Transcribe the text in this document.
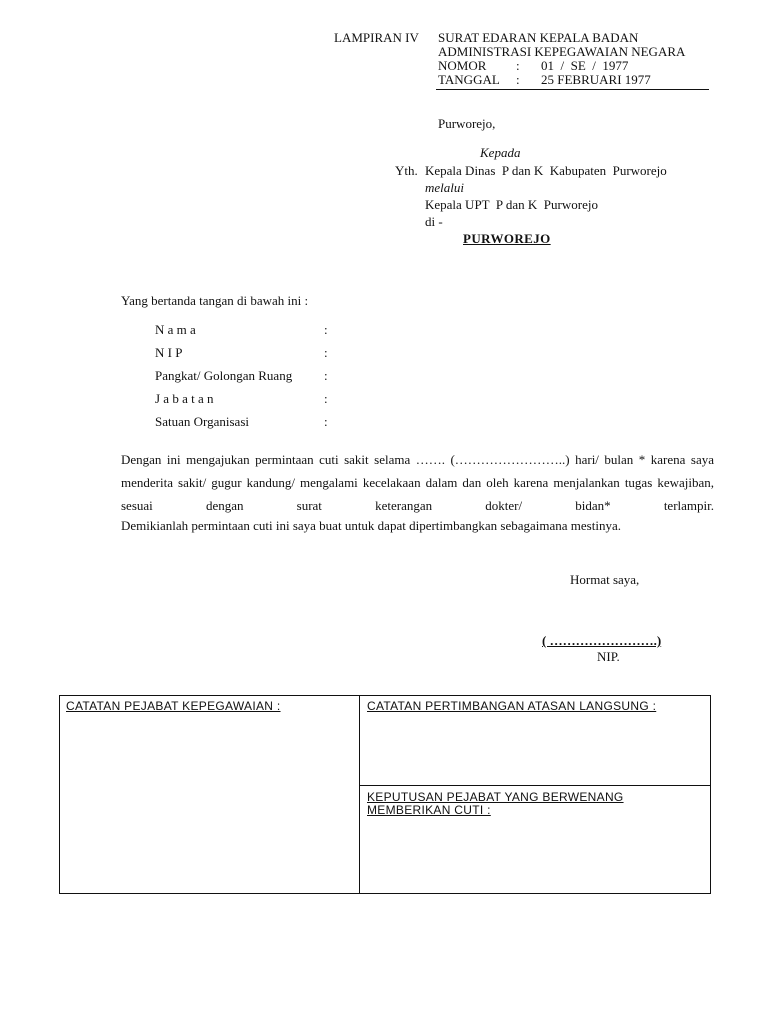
LAMPIRAN IV SURAT EDARAN KEPALA BADAN
ADMINISTRASI KEPEGAWAIAN NEGARA
NOMOR : 01  /  SE  /  1977
TANGGAL : 25 FEBRUARI 1977
Purworejo,
Kepada
Yth. Kepala Dinas  P dan K  Kabupaten  Purworejo
melalui
Kepala UPT  P dan K  Purworejo
di -
PURWOREJO
Yang bertanda tangan di bawah ini :
N a m a	:
N I P	:
Pangkat/ Golongan Ruang :
J a b a t a n	:
Satuan Organisasi	:
Dengan ini mengajukan permintaan cuti sakit selama ……. (……………………..) hari/ bulan * karena saya menderita sakit/ gugur kandung/ mengalami kecelakaan dalam dan oleh karena menjalankan tugas kewajiban, sesuai dengan surat keterangan dokter/ bidan* terlampir.
Demikianlah permintaan cuti ini saya buat untuk dapat dipertimbangkan sebagaimana mestinya.
Hormat saya,
( …………………….)
NIP.
CATATAN PEJABAT KEPEGAWAIAN :	CATATAN PERTIMBANGAN ATASAN LANGSUNG :
KEPUTUSAN PEJABAT YANG BERWENANG
MEMBERIKAN CUTI :
